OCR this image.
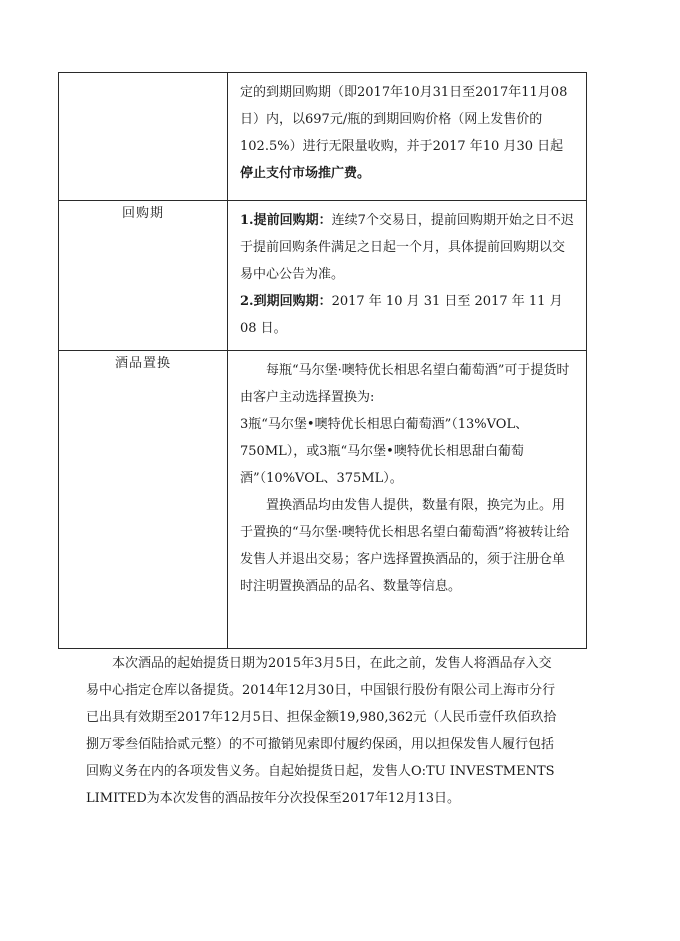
	定的到期回购期（即2017年10月31日至2017年11月08日）内，以697元/瓶的到期回购价格（网上发售价的102.5%）进行无限量收购，并于2017 年10 月30 日起停止支付市场推广费。

回购期	1.提前回购期：连续7个交易日，提前回购期开始之日不迟于提前回购条件满足之日起一个月，具体提前回购期以交易中心公告为准。

2.到期回购期：2017 年 10 月 31 日至 2017 年 11 月 08 日。

酒品置换	每瓶“马尔堡·噢特优长相思名望白葡萄酒”可于提货时由客户主动选择置换为:

3瓶“马尔堡•噢特优长相思白葡萄酒”（13%VOL、750ML），或3瓶“马尔堡•噢特优长相思甜白葡萄酒”（10%VOL、375ML）。

置换酒品均由发售人提供，数量有限，换完为止。用于置换的“马尔堡·噢特优长相思名望白葡萄酒”将被转让给发售人并退出交易；客户选择置换酒品的，须于注册仓单时注明置换酒品的品名、数量等信息。

本次酒品的起始提货日期为2015年3月5日，在此之前，发售人将酒品存入交易中心指定仓库以备提货。2014年12月30日，中国银行股份有限公司上海市分行已出具有效期至2017年12月5日、担保金额19,980,362元（人民币壹仟玖佰玖拾捌万零叁佰陆拾贰元整）的不可撤销见索即付履约保函，用以担保发售人履行包括回购义务在内的各项发售义务。自起始提货日起，发售人O:TU INVESTMENTS LIMITED为本次发售的酒品按年分次投保至2017年12月13日。
